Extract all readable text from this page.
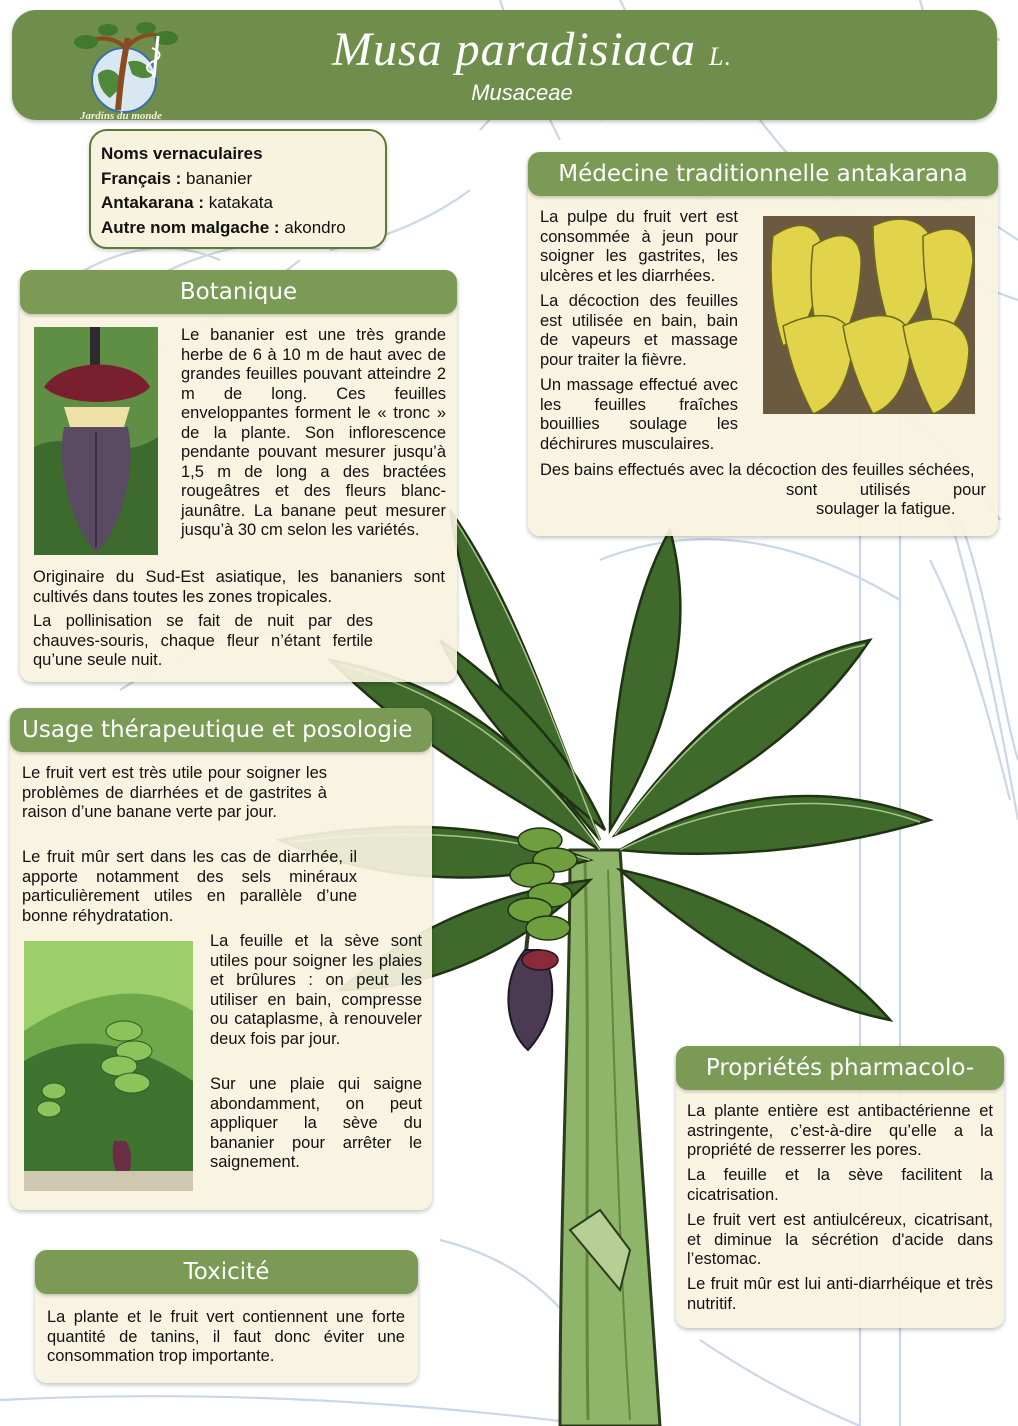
Jardins du monde
Musa paradisiaca L.
Musaceae
Noms vernaculaires
Français : bananier
Antakarana : katakata
Autre nom malgache : akondro
Botanique
Le bananier est une très grande herbe de 6 à 10 m de haut avec de grandes feuilles pouvant atteindre 2 m de long. Ces feuilles enveloppantes forment le « tronc » de la plante. Son inflorescence pendante pouvant mesurer jusqu’à 1,5 m de long a des bractées rougeâtres et des fleurs blanc-jaunâtre. La banane peut mesurer jusqu’à 30 cm selon les variétés.
Originaire du Sud-Est asiatique, les bananiers sont cultivés dans toutes les zones tropicales.
La pollinisation se fait de nuit par des chauves-souris, chaque fleur n’étant fertile qu’une seule nuit.
Médecine traditionnelle antakarana
La pulpe du fruit vert est consommée à jeun pour soigner les gastrites, les ulcères et les diarrhées.
La décoction des feuilles est utilisée en bain, bain de vapeurs et massage pour traiter la fièvre.
Un massage effectué avec les feuilles fraîches bouillies soulage les déchirures musculaires.
Des bains effectués avec la décoction des feuilles séchées,
sont utilisés pour
soulager la fatigue.
Usage thérapeutique et posologie
Le fruit vert est très utile pour soigner les problèmes de diarrhées et de gastrites à raison d’une banane verte par jour.
Le fruit mûr sert dans les cas de diarrhée, il apporte notamment des sels minéraux particulièrement utiles en parallèle d’une bonne réhydratation.
La feuille et la sève sont utiles pour soigner les plaies et brûlures : on peut les utiliser en bain, compresse ou cataplasme, à renouveler deux fois par jour.
Sur une plaie qui saigne abondamment, on peut appliquer la sève du bananier pour arrêter le saignement.
Propriétés pharmacolo-
La plante entière est antibactérienne et astringente, c’est-à-dire qu’elle a la propriété de resserrer les pores.
La feuille et la sève facilitent la cicatrisation.
Le fruit vert est antiulcéreux, cicatrisant, et diminue la sécrétion d'acide dans l’estomac.
Le fruit mûr est lui anti-diarrhéique et très nutritif.
Toxicité
La plante et le fruit vert contiennent une forte quantité de tanins, il faut donc éviter une consommation trop importante.
